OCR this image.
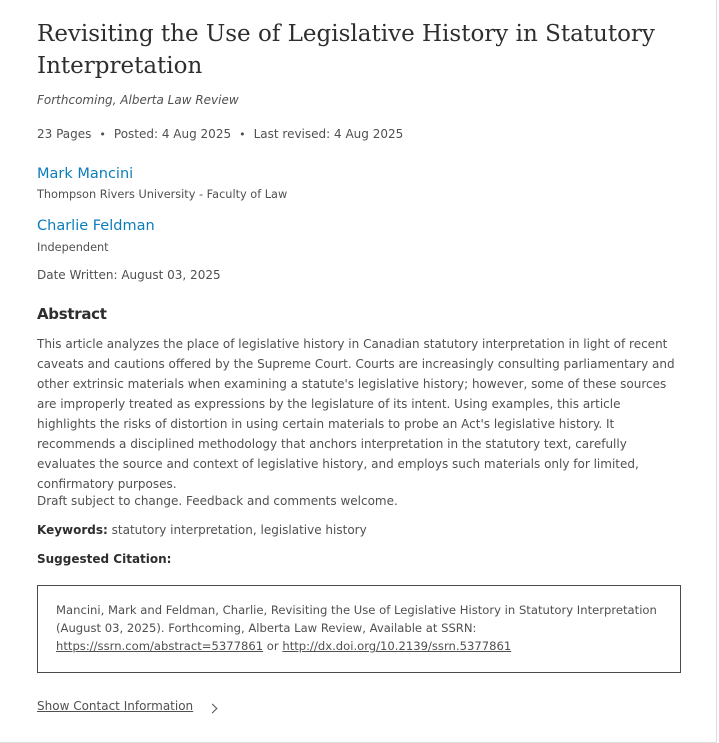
Revisiting the Use of Legislative History in Statutory Interpretation
Forthcoming, Alberta Law Review
23 Pages • Posted: 4 Aug 2025 • Last revised: 4 Aug 2025
Mark Mancini
Thompson Rivers University - Faculty of Law
Charlie Feldman
Independent
Date Written: August 03, 2025
Abstract

This article analyzes the place of legislative history in Canadian statutory interpretation in light of recent caveats and cautions offered by the Supreme Court. Courts are increasingly consulting parliamentary and other extrinsic materials when examining a statute's legislative history; however, some of these sources are improperly treated as expressions by the legislature of its intent. Using examples, this article highlights the risks of distortion in using certain materials to probe an Act's legislative history. It recommends a disciplined methodology that anchors interpretation in the statutory text, carefully evaluates the source and context of legislative history, and employs such materials only for limited, confirmatory purposes.

Draft subject to change. Feedback and comments welcome.
Keywords: statutory interpretation, legislative history
Suggested Citation:
Mancini, Mark and Feldman, Charlie, Revisiting the Use of Legislative History in Statutory Interpretation (August 03, 2025). Forthcoming, Alberta Law Review, Available at SSRN:
https://ssrn.com/abstract=5377861 or http://dx.doi.org/10.2139/ssrn.5377861
Show Contact Information
